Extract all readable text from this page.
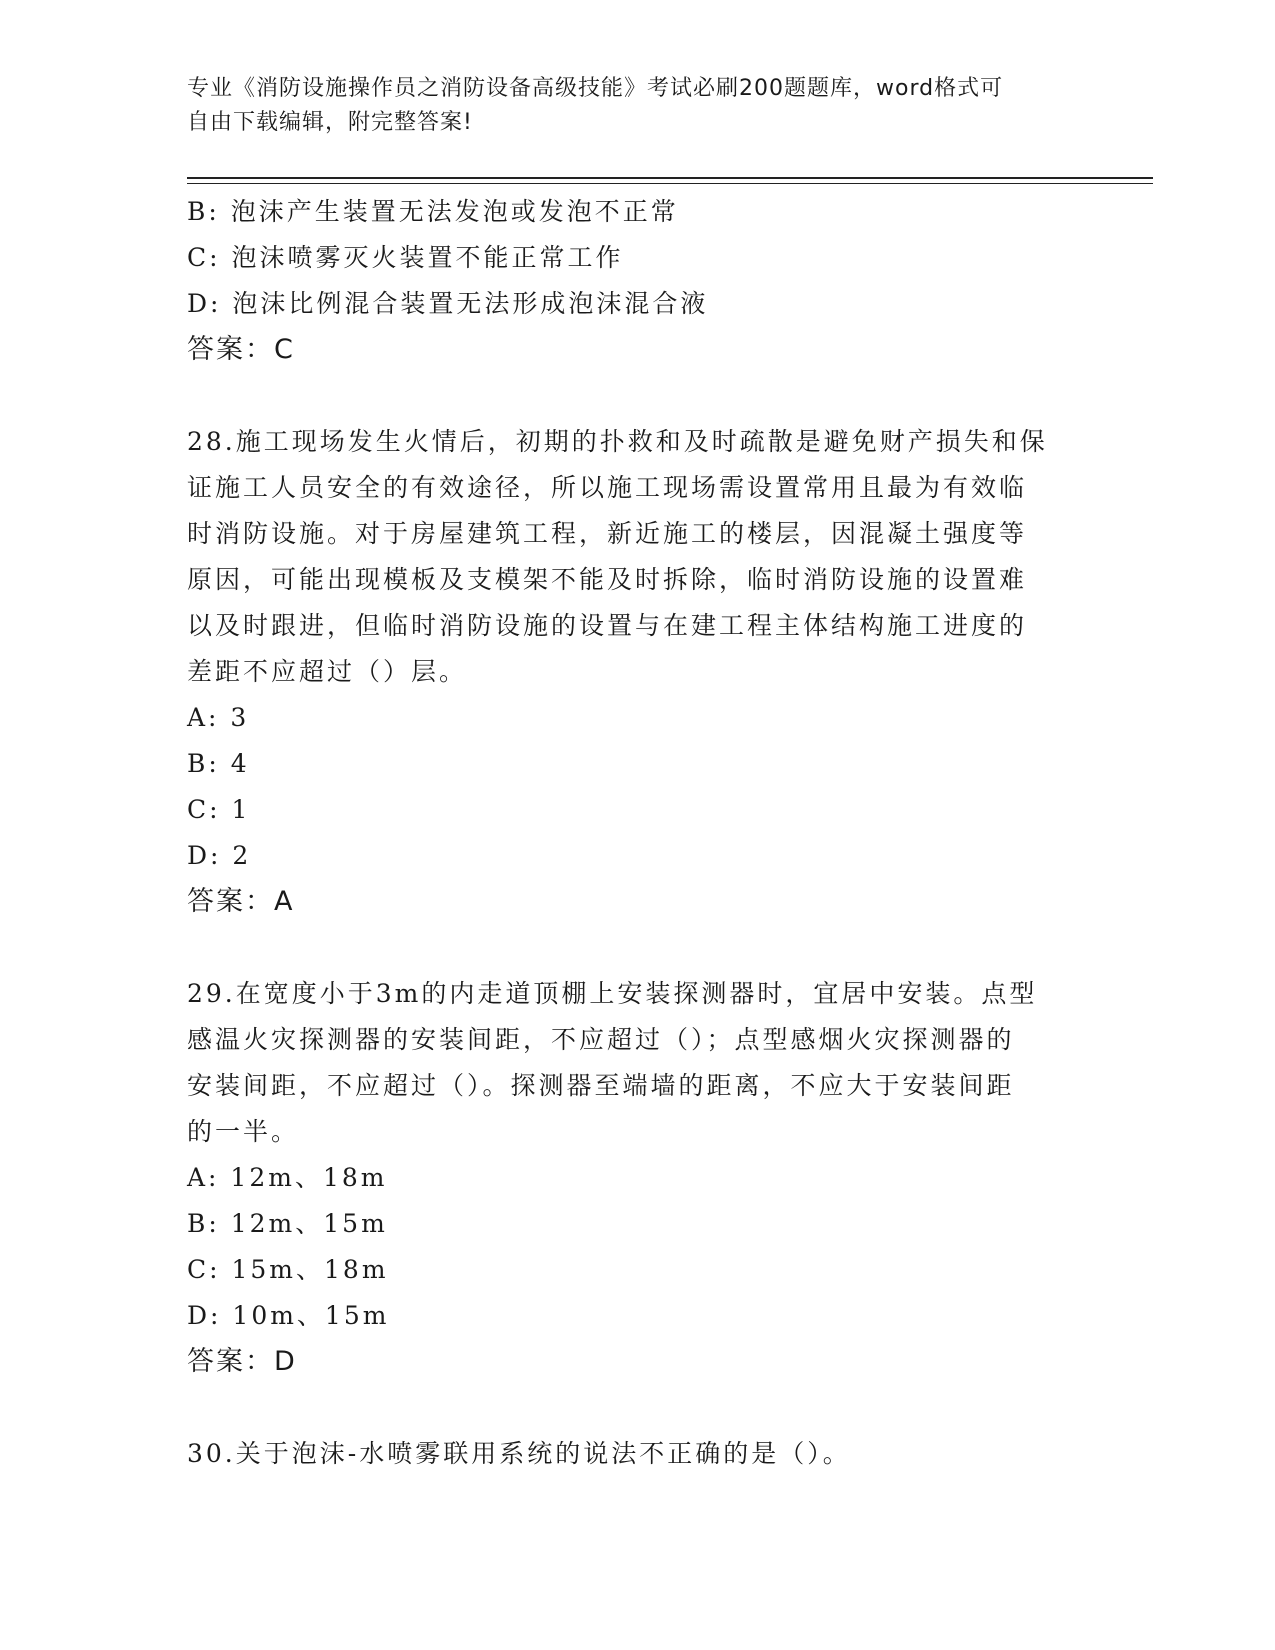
专业《消防设施操作员之消防设备高级技能》考试必刷200题题库，word格式可
自由下载编辑，附完整答案!

B: 泡沫产生装置无法发泡或发泡不正常

C: 泡沫喷雾灭火装置不能正常工作

D: 泡沫比例混合装置无法形成泡沫混合液

答案：C

28.施工现场发生火情后，初期的扑救和及时疏散是避免财产损失和保

证施工人员安全的有效途径，所以施工现场需设置常用且最为有效临

时消防设施。对于房屋建筑工程，新近施工的楼层，因混凝土强度等

原因，可能出现模板及支模架不能及时拆除，临时消防设施的设置难

以及时跟进，但临时消防设施的设置与在建工程主体结构施工进度的

差距不应超过（）层。

A: 3

B: 4

C: 1

D: 2

答案：A

29.在宽度小于3m的内走道顶棚上安装探测器时，宜居中安装。点型

感温火灾探测器的安装间距，不应超过（）；点型感烟火灾探测器的

安装间距，不应超过（）。探测器至端墙的距离，不应大于安装间距

的一半。

A: 12m、18m

B: 12m、15m

C: 15m、18m

D: 10m、15m

答案：D

30.关于泡沫-水喷雾联用系统的说法不正确的是（）。
